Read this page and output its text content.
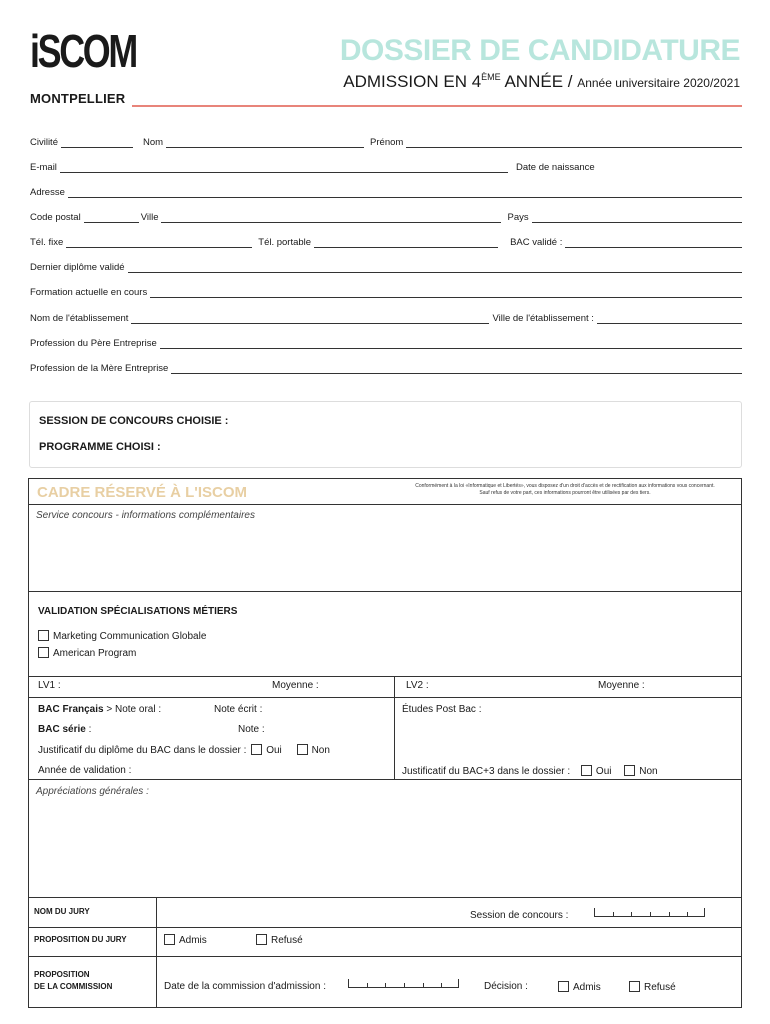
iSCOM
MONTPELLIER
DOSSIER DE CANDIDATURE
ADMISSION EN 4ÈME ANNÉE / Année universitaire 2020/2021
Civilité	Nom	Prénom
E-mail	Date de naissance
Adresse
Code postal	Ville	Pays
Tél. fixe	Tél. portable	BAC validé :
Dernier diplôme validé
Formation actuelle en cours
Nom de l'établissement	Ville de l'établissement :
Profession du Père Entreprise
Profession de la Mère Entreprise
SESSION DE CONCOURS CHOISIE :
PROGRAMME CHOISI :
CADRE RÉSERVÉ À L'ISCOM	Conformément à la loi «Informatique et Libertés», vous disposez d'un droit d'accès et de rectification aux informations vous concernant. Sauf refus de votre part, ces informations pourront être utilisées par des tiers.
Service concours - informations complémentaires
VALIDATION SPÉCIALISATIONS MÉTIERS
Marketing Communication Globale
American Program
LV1 :	Moyenne :	LV2 :	Moyenne :
BAC Français > Note oral :	Note écrit :
BAC série :	Note :
Justificatif du diplôme du BAC dans le dossier : Oui	Non
Année de validation :
Études Post Bac :
Justificatif du BAC+3 dans le dossier :	Oui	Non
Appréciations générales :
NOM DU JURY	Session de concours :
PROPOSITION DU JURY	Admis	Refusé
PROPOSITION
DE LA COMMISSION	Date de la commission d'admission :	Décision :	Admis	Refusé
